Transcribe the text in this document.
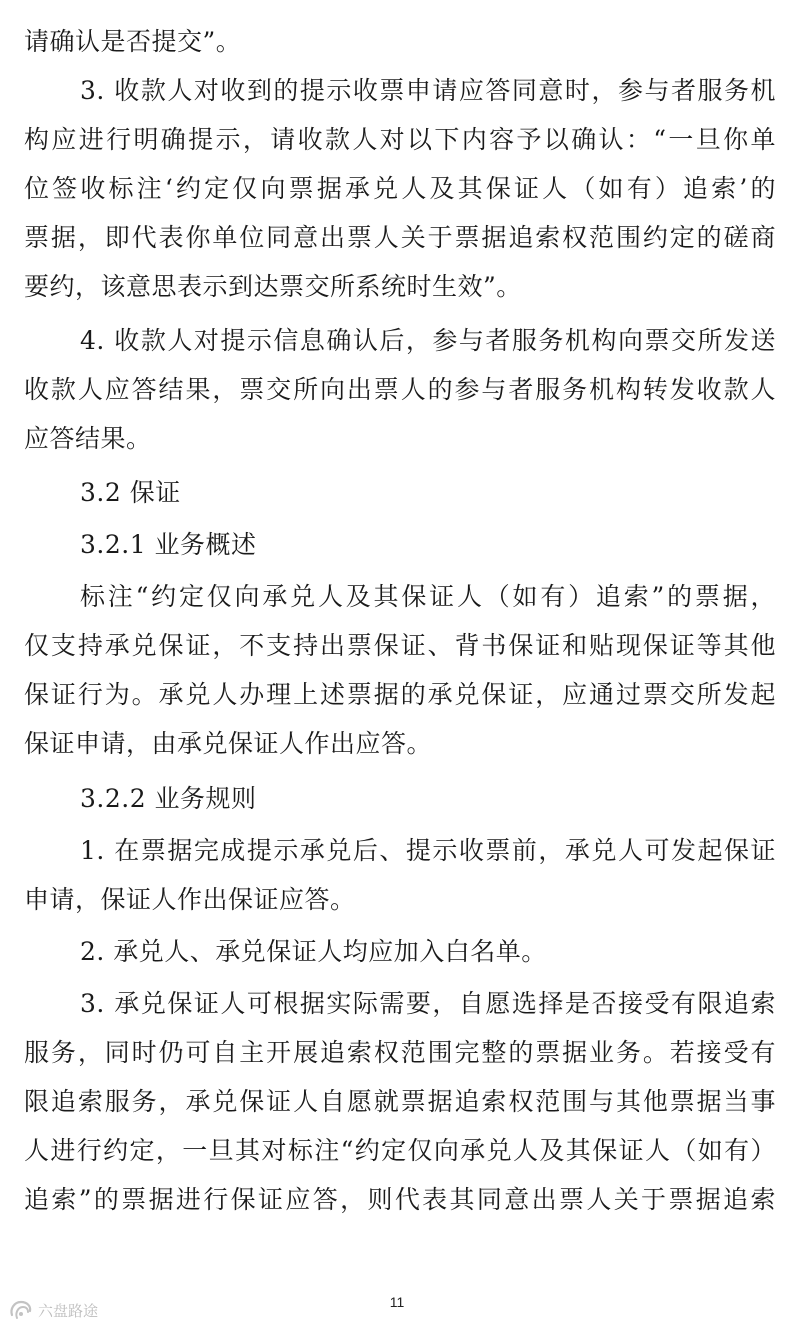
请确认是否提交”。
3. 收款人对收到的提示收票申请应答同意时，参与者服务机
构应进行明确提示，请收款人对以下内容予以确认：“一旦你单
位签收标注‘约定仅向票据承兑人及其保证人（如有）追索’的
票据，即代表你单位同意出票人关于票据追索权范围约定的磋商
要约，该意思表示到达票交所系统时生效”。
4. 收款人对提示信息确认后，参与者服务机构向票交所发送
收款人应答结果，票交所向出票人的参与者服务机构转发收款人
应答结果。
3.2 保证
3.2.1 业务概述
标注“约定仅向承兑人及其保证人（如有）追索”的票据，
仅支持承兑保证，不支持出票保证、背书保证和贴现保证等其他
保证行为。承兑人办理上述票据的承兑保证，应通过票交所发起
保证申请，由承兑保证人作出应答。
3.2.2 业务规则
1. 在票据完成提示承兑后、提示收票前，承兑人可发起保证
申请，保证人作出保证应答。
2. 承兑人、承兑保证人均应加入白名单。
3. 承兑保证人可根据实际需要，自愿选择是否接受有限追索
服务，同时仍可自主开展追索权范围完整的票据业务。若接受有
限追索服务，承兑保证人自愿就票据追索权范围与其他票据当事
人进行约定，一旦其对标注“约定仅向承兑人及其保证人（如有）
追索”的票据进行保证应答，则代表其同意出票人关于票据追索
11
六盘路途
